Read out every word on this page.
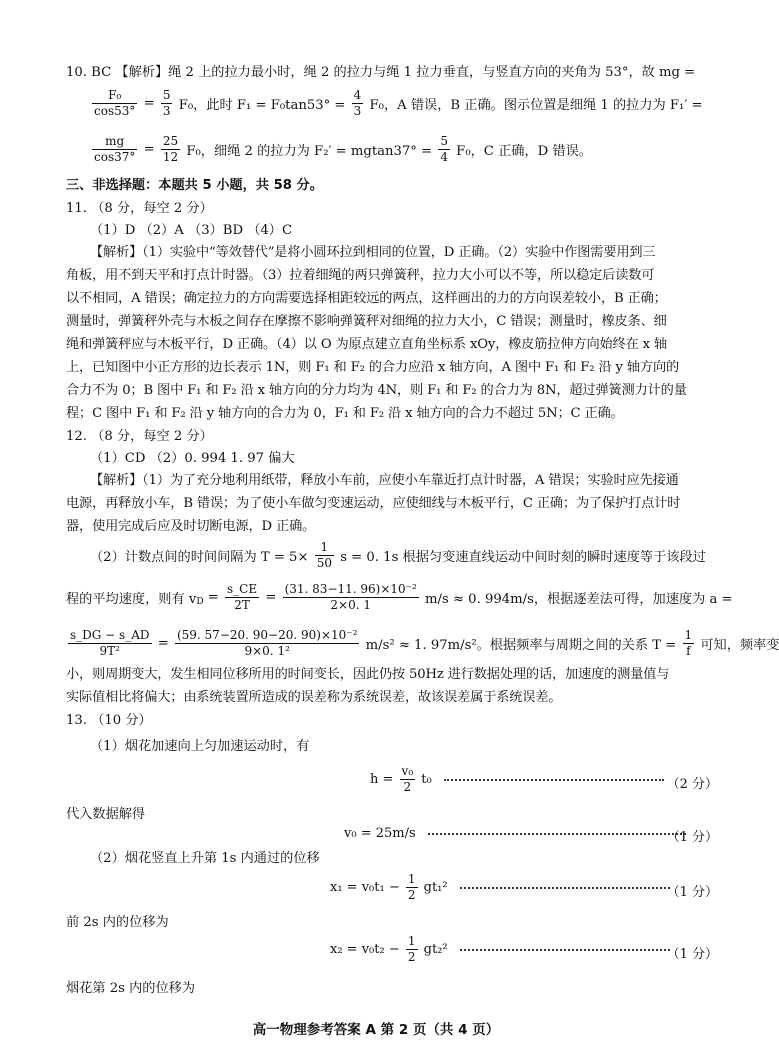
10. BC 【解析】绳 2 上的拉力最小时，绳 2 的拉力与绳 1 拉力垂直，与竖直方向的夹角为 53°，故 mg =
$\frac{\text{F₀}}{\cos 53^\circ} = \frac{5}{3} F_0$，此时 $F_1 = F_0\tan 53^\circ = \frac{4}{3} F_0$，A 错误，B 正确。图示位置是细绳 1 的拉力为 F₁′ =
$\frac{mg}{\cos 37^\circ} = \frac{25}{12} F_0$，细绳 2 的拉力为 $F_2' = mgtan37^\circ = \frac{5}{4} F_0$，C 正确，D 错误。
三、非选择题：本题共 5 小题，共 58 分。
11. （8 分，每空 2 分）
（1）D （2）A （3）BD （4）C
【解析】（1）实验中“等效替代”是将小圆环拉到相同的位置，D 正确。（2）实验中作图需要用到三
角板，用不到天平和打点计时器。（3）拉着细绳的两只弹簧秤，拉力大小可以不等，所以稳定后读数可
以不相同，A 错误；确定拉力的方向需要选择相距较远的两点，这样画出的力的方向误差较小，B 正确；
测量时，弹簧秤外壳与木板之间存在摩擦不影响弹簧秤对细绳的拉力大小，C 错误；测量时，橡皮条、细
绳和弹簧秤应与木板平行，D 正确。（4）以 O 为原点建立直角坐标系 xOy，橡皮筋拉伸方向始终在 x 轴
上，已知图中小正方形的边长表示 1N，则 F₁ 和 F₂ 的合力应沿 x 轴方向，A 图中 F₁ 和 F₂ 沿 y 轴方向的
合力不为 0；B 图中 F₁ 和 F₂ 沿 x 轴方向的分力均为 4N，则 F₁ 和 F₂ 的合力为 8N，超过弹簧测力计的量
程；C 图中 F₁ 和 F₂ 沿 y 轴方向的合力为 0，F₁ 和 F₂ 沿 x 轴方向的合力不超过 5N；C 正确。
12. （8 分，每空 2 分）
（1）CD （2）0. 994 1. 97 偏大
【解析】（1）为了充分地利用纸带，释放小车前，应使小车靠近打点计时器，A 错误；实验时应先接通
电源，再释放小车，B 错误；为了使小车做匀变速运动，应使细线与木板平行，C 正确；为了保护打点计时
器，使用完成后应及时切断电源，D 正确。
（2）计数点间的时间间隔为 $T = 5\times \frac{1}{50}$ s = 0. 1s 根据匀变速直线运动中间时刻的瞬时速度等于该段过
程的平均速度，则有 $v_D = \frac{s\_CE}{2T} = \frac{\text{(31. 83−11. 96)×10⁻²}}{2\times 0. 1} m/s \approx 0$. 994m/s，根据逐差法可得，加速度为 a =
$\frac{s\_DG - s\_AD}{\text{9T²}} = \frac{\text{(59. 57−20. 90−20. 90)×10⁻²}}{\text{9×0. 1²}} m/s^2 \approx 1$. 97m/s²。根据频率与周期之间的关系 $T = \frac{1}{f}$ 可知，频率变
小，则周期变大，发生相同位移所用的时间变长，因此仍按 50Hz 进行数据处理的话，加速度的测量值与
实际值相比将偏大；由系统装置所造成的误差称为系统误差，故该误差属于系统误差。
13. （10 分）
（1）烟花加速向上匀加速运动时，有
$h = \frac{\text{v₀}}{2} t_0$	（2 分）
代入数据解得
v₀ = 25m/s	（1 分）
（2）烟花竖直上升第 1s 内通过的位移
$x_1 = v_0t_1 - \frac{1}{2} gt_1^2$	（1 分）
前 2s 内的位移为
$x_2 = v_0t_2 - \frac{1}{2} gt_2^2$	（1 分）
烟花第 2s 内的位移为
高一物理参考答案 A 第 2 页（共 4 页）
